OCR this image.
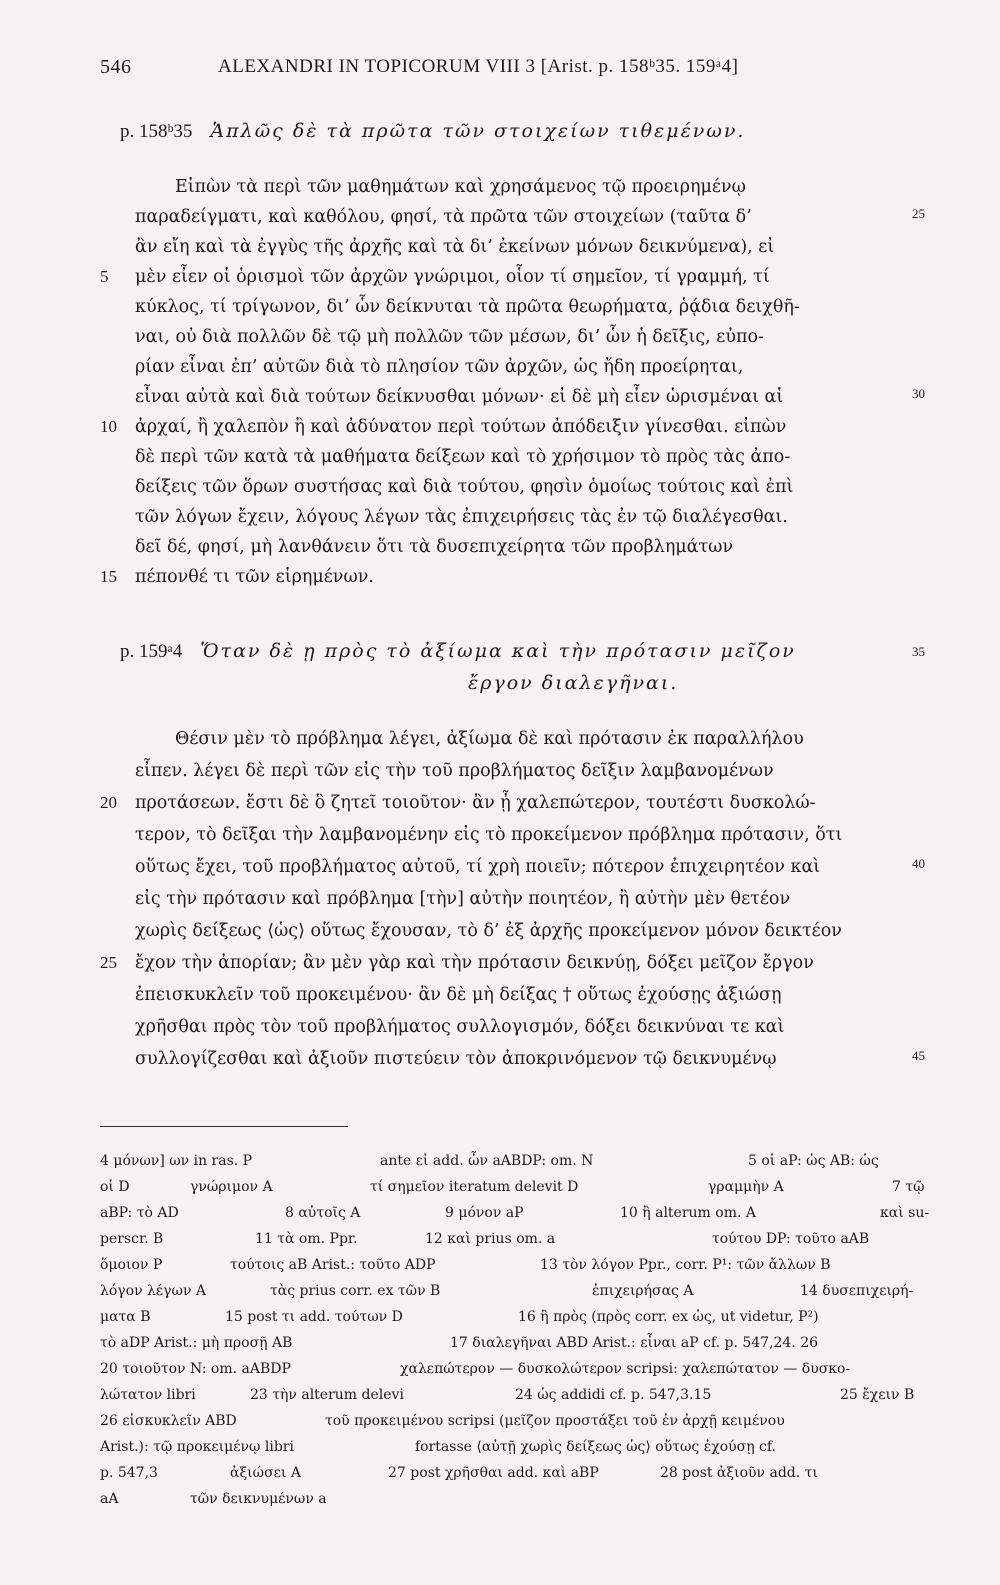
546	ALEXANDRI IN TOPICORUM VIII 3 [Arist. p. 158ᵇ35. 159ᵃ4]
p. 158ᵇ35 Ἁπλῶς δὲ τὰ πρῶτα τῶν στοιχείων τιθεμένων.
Εἰπὼν τὰ περὶ τῶν μαθημάτων καὶ χρησάμενος τῷ προειρημένῳ
παραδείγματι, καὶ καθόλου, φησί, τὰ πρῶτα τῶν στοιχείων (ταῦτα δ’
ἂν εἴη καὶ τὰ ἐγγὺς τῆς ἀρχῆς καὶ τὰ δι’ ἐκείνων μόνων δεικνύμενα), εἰ
μὲν εἶεν οἱ ὁρισμοὶ τῶν ἀρχῶν γνώριμοι, οἷον τί σημεῖον, τί γραμμή, τί
κύκλος, τί τρίγωνον, δι’ ὧν δείκνυται τὰ πρῶτα θεωρήματα, ῥᾴδια δειχθῆ-
ναι, οὐ διὰ πολλῶν δὲ τῷ μὴ πολλῶν τῶν μέσων, δι’ ὧν ἡ δεῖξις, εὐπο-
ρίαν εἶναι ἐπ’ αὐτῶν διὰ τὸ πλησίον τῶν ἀρχῶν, ὡς ἤδη προείρηται,
εἶναι αὐτὰ καὶ διὰ τούτων δείκνυσθαι μόνων· εἰ δὲ μὴ εἶεν ὡρισμέναι αἱ
ἀρχαί, ἢ χαλεπὸν ἢ καὶ ἀδύνατον περὶ τούτων ἀπόδειξιν γίνεσθαι. εἰπὼν
δὲ περὶ τῶν κατὰ τὰ μαθήματα δείξεων καὶ τὸ χρήσιμον τὸ πρὸς τὰς ἀπο-
δείξεις τῶν ὅρων συστήσας καὶ διὰ τούτου, φησὶν ὁμοίως τούτοις καὶ ἐπὶ
τῶν λόγων ἔχειν, λόγους λέγων τὰς ἐπιχειρήσεις τὰς ἐν τῷ διαλέγεσθαι.
δεῖ δέ, φησί, μὴ λανθάνειν ὅτι τὰ δυσεπιχείρητα τῶν προβλημάτων
πέπονθέ τι τῶν εἰρημένων.
p. 159ᵃ4 Ὅταν δὲ ῃ πρὸς τὸ ἀξίωμα καὶ τὴν πρότασιν μεῖζον
ἔργον διαλεγῆναι.
Θέσιν μὲν τὸ πρόβλημα λέγει, ἀξίωμα δὲ καὶ πρότασιν ἐκ παραλλήλου
εἶπεν. λέγει δὲ περὶ τῶν εἰς τὴν τοῦ προβλήματος δεῖξιν λαμβανομένων
προτάσεων. ἔστι δὲ ὃ ζητεῖ τοιοῦτον· ἂν ᾖ χαλεπώτερον, τουτέστι δυσκολώ-
τερον, τὸ δεῖξαι τὴν λαμβανομένην εἰς τὸ προκείμενον πρόβλημα πρότασιν, ὅτι
οὕτως ἔχει, τοῦ προβλήματος αὐτοῦ, τί χρὴ ποιεῖν; πότερον ἐπιχειρητέον καὶ
εἰς τὴν πρότασιν καὶ πρόβλημα [τὴν] αὐτὴν ποιητέον, ἢ αὐτὴν μὲν θετέον
χωρὶς δείξεως ⟨ὡς⟩ οὕτως ἔχουσαν, τὸ δ’ ἐξ ἀρχῆς προκείμενον μόνον δεικτέον
ἔχον τὴν ἀπορίαν; ἂν μὲν γὰρ καὶ τὴν πρότασιν δεικνύῃ, δόξει μεῖζον ἔργον
ἐπεισκυκλεῖν τοῦ προκειμένου· ἂν δὲ μὴ δείξας † οὕτως ἐχούσῃς ἀξιώσῃ
χρῆσθαι πρὸς τὸν τοῦ προβλήματος συλλογισμόν, δόξει δεικνύναι τε καὶ
συλλογίζεσθαι καὶ ἀξιοῦν πιστεύειν τὸν ἀποκρινόμενον τῷ δεικνυμένῳ
5
10
15
20
25
25
30
35
40
45
4 μόνων] ων in ras. P	ante εἰ add. ὧν aABDP: om. N	5 οἱ aP: ὡς AB: ὡς
οἱ D	γνώριμον A	τί σημεῖον iteratum delevit D	γραμμὴν A	7 τῷ
aBP: τὸ AD	8 αὐτοῖς A	9 μόνον aP	10 ἢ alterum om. A	καὶ su-
perscr. B	11 τὰ om. Ppr.	12 καὶ prius om. a	τούτου DP: τοῦτο aAB
ὅμοιον P	τούτοις aB Arist.: τοῦτο ADP	13 τὸν λόγον Ppr., corr. P¹: τῶν ἄλλων B
λόγον λέγων A	τὰς prius corr. ex τῶν B	ἐπιχειρήσας A	14 δυσεπιχειρή-
ματα B	15 post τι add. τούτων D	16 ἢ πρὸς (πρὸς corr. ex ὡς, ut videtur, P²)
τὸ aDP Arist.: μὴ προσῇ AB	17 διαλεγῆναι ABD Arist.: εἶναι aP cf. p. 547,24. 26
20 τοιοῦτον N: om. aABDP	χαλεπώτερον — δυσκολώτερον scripsi: χαλεπώτατον — δυσκο-
λώτατον libri	23 τὴν alterum delevi	24 ὡς addidi cf. p. 547,3.15	25 ἔχειν B
26 εἰσκυκλεῖν ABD	τοῦ προκειμένου scripsi (μεῖζον προστάξει τοῦ ἐν ἀρχῇ κειμένου
Arist.): τῷ προκειμένῳ libri	fortasse ⟨αὐτῇ χωρὶς δείξεως ὡς⟩ οὕτως ἐχούσῃ cf.
p. 547,3	ἀξιώσει A	27 post χρῆσθαι add. καὶ aBP	28 post ἀξιοῦν add. τι
aA	τῶν δεικνυμένων a
